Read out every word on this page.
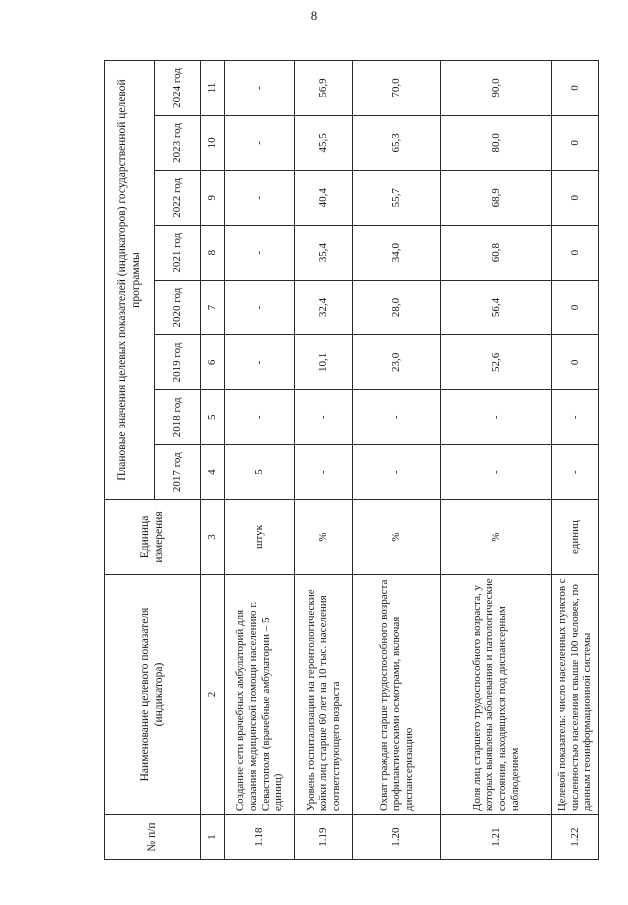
8
№ п/п	Наименование целевого показателя (индикатора)	Единица измерения	Плановые значения целевых показателей (индикаторов) государственной целевой программы							
			2017 год	2018 год	2019 год	2020 год	2021 год	2022 год	2023 год	2024 год
1	2	3	4	5	6	7	8	9	10	11
1.18	Создание сети врачебных амбулаторий для оказания медицинской помощи населению г. Севастополя (врачебные амбулатории – 5 единиц)	штук	5	-	-	-	-	-	-	-
1.19	Уровень госпитализации на геронтологические койки лиц старше 60 лет на 10 тыс. населения соответствующего возраста	%	-	-	10,1	32,4	35,4	40,4	45,5	56,9
1.20	Охват граждан старше трудоспособного возраста профилактическими осмотрами, включая диспансеризацию	%	-	-	23,0	28,0	34,0	55,7	65,3	70,0
1.21	Доля лиц старшего трудоспособного возраста, у которых выявлены заболевания и патологические состояния, находящихся под диспансерным наблюдением	%	-	-	52,6	56,4	60,8	68,9	80,0	90,0
1.22	Целевой показатель: число населенных пунктов с численностью населения свыше 100 человек, по данным геоинформационной системы	единиц	-	-	0	0	0	0	0	0
